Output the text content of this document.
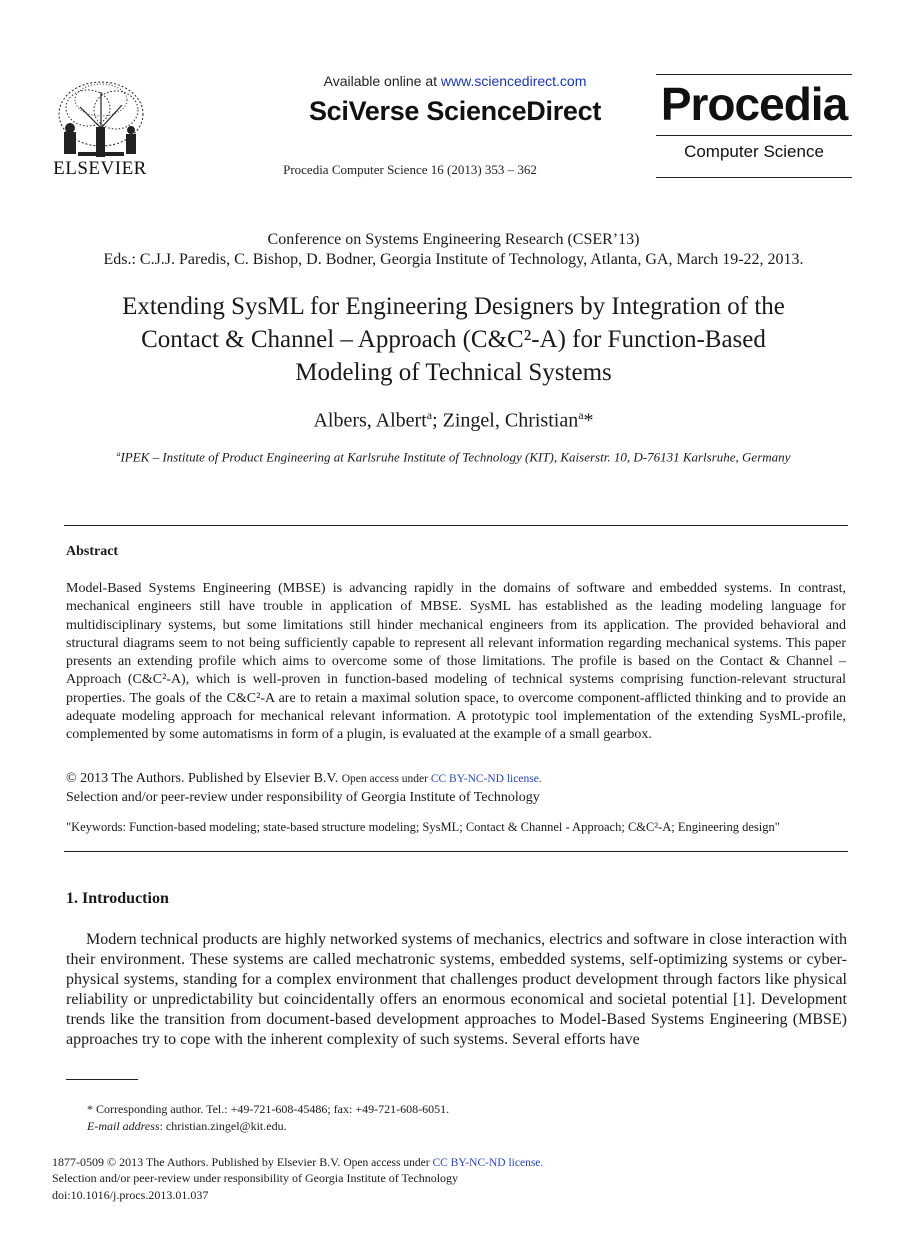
ELSEVIER
Available online at www.sciencedirect.com
SciVerse ScienceDirect
Procedia Computer Science 16 (2013) 353 – 362
Procedia
Computer Science
Conference on Systems Engineering Research (CSER’13)
Eds.: C.J.J. Paredis, C. Bishop, D. Bodner, Georgia Institute of Technology, Atlanta, GA, March 19-22, 2013.
Extending SysML for Engineering Designers by Integration of the
Contact & Channel – Approach (C&C²-A) for Function-Based
Modeling of Technical Systems
Albers, Albert$^a$; Zingel, Christian$^a$*
$^a$IPEK – Institute of Product Engineering at Karlsruhe Institute of Technology (KIT), Kaiserstr. 10, D-76131 Karlsruhe, Germany
Abstract
Model-Based Systems Engineering (MBSE) is advancing rapidly in the domains of software and embedded systems. In contrast, mechanical engineers still have trouble in application of MBSE. SysML has established as the leading modeling language for multidisciplinary systems, but some limitations still hinder mechanical engineers from its application. The provided behavioral and structural diagrams seem to not being sufficiently capable to represent all relevant information regarding mechanical systems. This paper presents an extending profile which aims to overcome some of those limitations. The profile is based on the Contact & Channel – Approach (C&C²-A), which is well-proven in function-based modeling of technical systems comprising function-relevant structural properties. The goals of the C&C²-A are to retain a maximal solution space, to overcome component-afflicted thinking and to provide an adequate modeling approach for mechanical relevant information. A prototypic tool implementation of the extending SysML-profile, complemented by some automatisms in form of a plugin, is evaluated at the example of a small gearbox.
© 2013 The Authors. Published by Elsevier B.V. Open access under CC BY-NC-ND license.
Selection and/or peer-review under responsibility of Georgia Institute of Technology
"Keywords: Function-based modeling; state-based structure modeling; SysML; Contact & Channel - Approach; C&C²-A; Engineering design"
1. Introduction
Modern technical products are highly networked systems of mechanics, electrics and software in close interaction with their environment. These systems are called mechatronic systems, embedded systems, self-optimizing systems or cyber-physical systems, standing for a complex environment that challenges product development through factors like physical reliability or unpredictability but coincidentally offers an enormous economical and societal potential [1]. Development trends like the transition from document-based development approaches to Model-Based Systems Engineering (MBSE) approaches try to cope with the inherent complexity of such systems. Several efforts have
* Corresponding author. Tel.: +49-721-608-45486; fax: +49-721-608-6051.
E-mail address: christian.zingel@kit.edu.
1877-0509 © 2013 The Authors. Published by Elsevier B.V. Open access under CC BY-NC-ND license.
Selection and/or peer-review under responsibility of Georgia Institute of Technology
doi:10.1016/j.procs.2013.01.037
